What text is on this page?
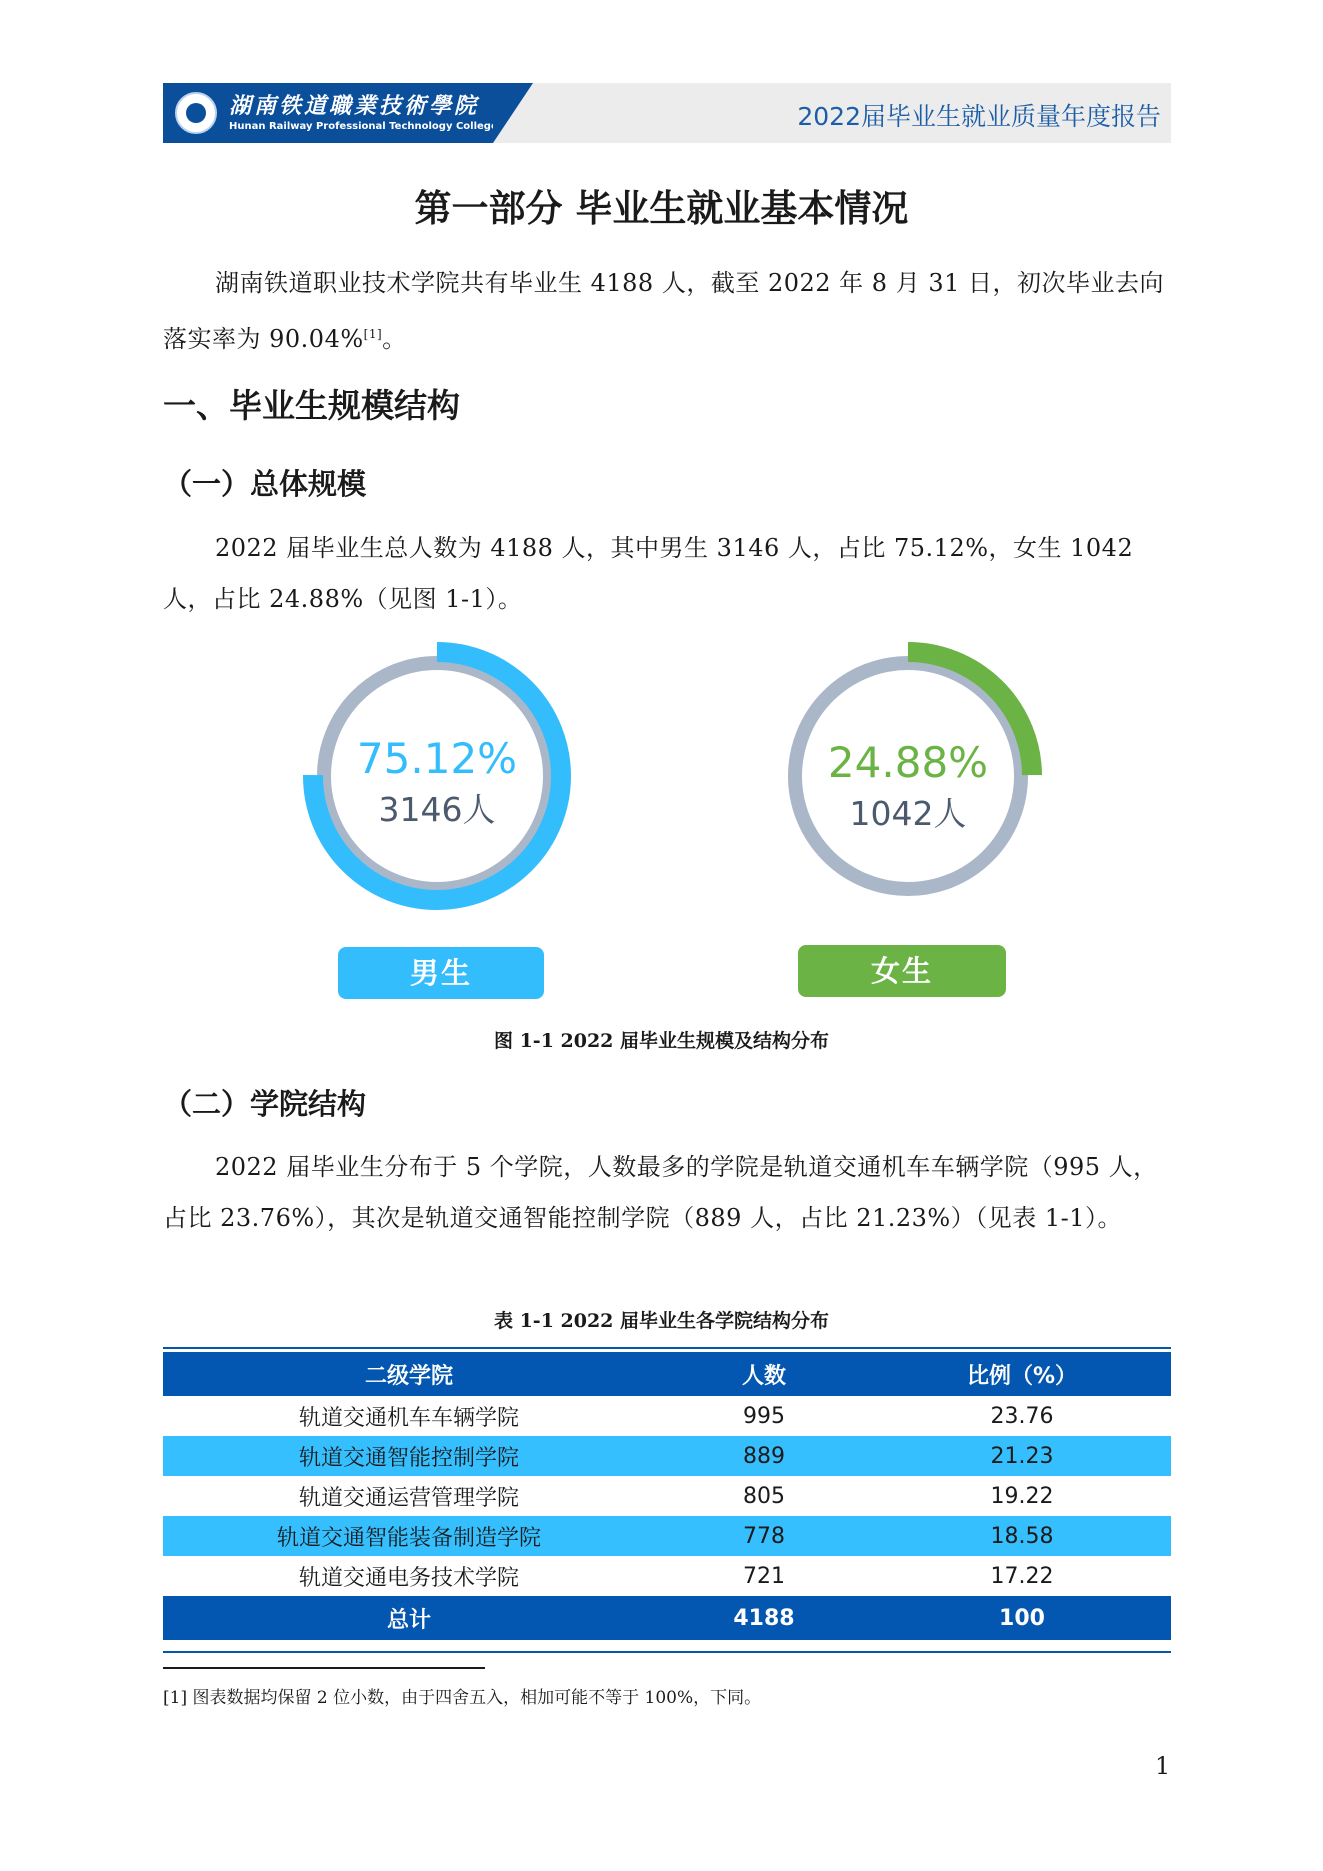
湖南铁道職業技術學院
Hunan Railway Professional Technology College	2022届毕业生就业质量年度报告
第一部分 毕业生就业基本情况
湖南铁道职业技术学院共有毕业生 4188 人，截至 2022 年 8 月 31 日，初次毕业去向落实率为 90.04%[1]。
一、毕业生规模结构
（一）总体规模
2022 届毕业生总人数为 4188 人，其中男生 3146 人，占比 75.12%，女生 1042 人，占比 24.88%（见图 1-1）。
75.12%
3146人
24.88%
1042人
男生	女生
图 1-1 2022 届毕业生规模及结构分布
（二）学院结构
2022 届毕业生分布于 5 个学院，人数最多的学院是轨道交通机车车辆学院（995 人，占比 23.76%），其次是轨道交通智能控制学院（889 人，占比 21.23%）（见表 1-1）。
表 1-1 2022 届毕业生各学院结构分布
二级学院	人数	比例（%）
轨道交通机车车辆学院	995	23.76
轨道交通智能控制学院	889	21.23
轨道交通运营管理学院	805	19.22
轨道交通智能装备制造学院	778	18.58
轨道交通电务技术学院	721	17.22
总计	4188	100
[1] 图表数据均保留 2 位小数，由于四舍五入，相加可能不等于 100%，下同。
1
